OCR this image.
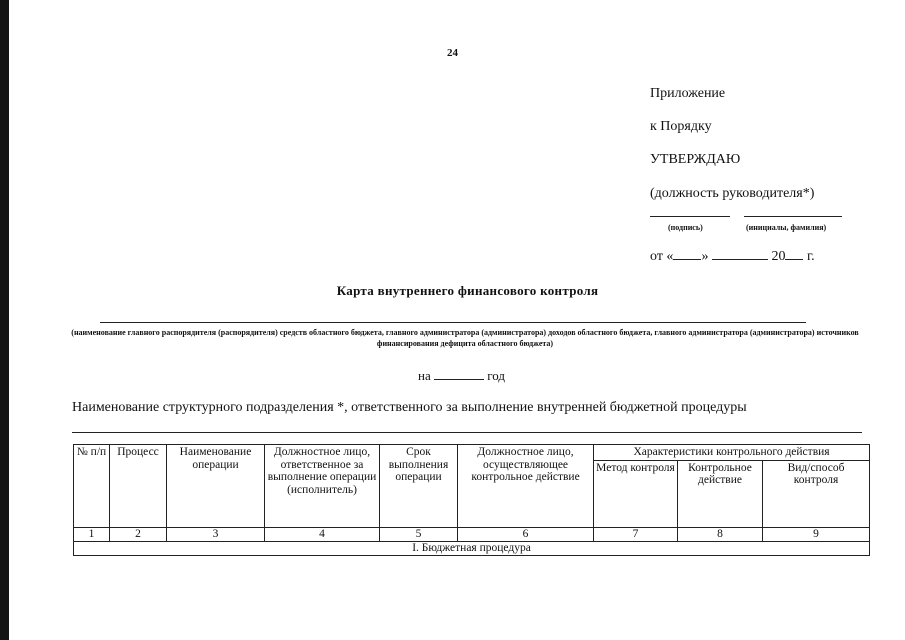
24
Приложение
к Порядку
УТВЕРЖДАЮ
(должность руководителя*)
(подпись)	(инициалы, фамилия)
от « »	20 г.
Карта внутреннего финансового контроля
(наименование главного распорядителя (распорядителя) средств областного бюджета, главного администратора (администратора) доходов областного бюджета, главного администратора (администратора) источников финансирования дефицита областного бюджета)
на	год
Наименование структурного подразделения *, ответственного за выполнение внутренней бюджетной процедуры
№ п/п	Процесс	Наименование операции	Должностное лицо, ответственное за выполнение операции (исполнитель)	Срок выполнения операции	Должностное лицо, осуществляющее контрольное действие	Характеристики контрольного действия		
						Метод контроля	Контрольное действие	Вид/способ контроля
1	2	3	4	5	6	7	8	9
I. Бюджетная процедура								
